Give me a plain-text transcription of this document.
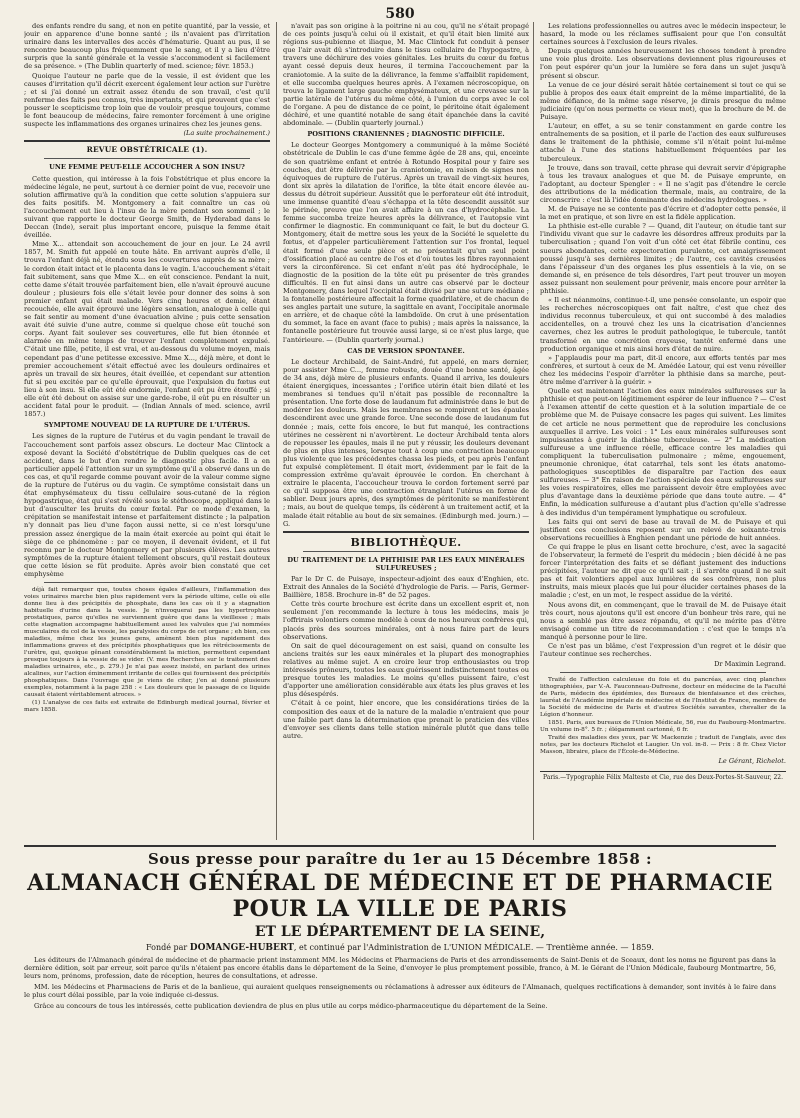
580

des enfants rendre du sang, et non en petite quantité, par la vessie, et jouir en apparence d'une bonne santé ; ils n'avaient pas d'irritation urinaire dans les intervalles des accès d'hématurie. Quant au pus, il se rencontre beaucoup plus fréquemment que le sang, et il y a lieu d'être surpris que la santé générale et la vessie s'accommodent si facilement de sa présence. » (The Dublin quarterly of med. science; févr. 1853.)

Quoique l'auteur ne parle que de la vessie, il est évident que les causes d'irritation qu'il décrit exercent également leur action sur l'urètre ; et si j'ai donné un extrait assez étendu de son travail, c'est qu'il renferme des faits peu connus, très importants, et qui prouvent que c'est pousser le scepticisme trop loin que de vouloir presque toujours, comme le font beaucoup de médecins, faire remonter forcément à une origine suspecte les inflammations des organes urinaires chez les jeunes gens.

(La suite prochainement.)
REVUE OBSTÉTRICALE (1).
UNE FEMME PEUT-ELLE ACCOUCHER A SON INSU?

Cette question, qui intéresse à la fois l'obstétrique et plus encore la médecine légale, ne peut, surtout à ce dernier point de vue, recevoir une solution affirmative qu'à la condition que cette solution s'appuiera sur des faits positifs. M. Montgomery a fait connaître un cas où l'accouchement eut lieu à l'insu de la mère pendant son sommeil ; le suivant que rapporte le docteur George Smith, de Hyderabad dans le Deccan (Inde), serait plus important encore, puisque la femme était éveillée.

Mme X... attendait son accouchement de jour en jour. Le 24 avril 1857, M. Smith fut appelé en toute hâte. En arrivant auprès d'elle, il trouva l'enfant déjà né, étendu sous les couvertures auprès de sa mère ; le cordon était intact et le placenta dans le vagin. L'accouchement s'était fait subitement, sans que Mme X... en eût conscience. Pendant la nuit, cette dame s'était trouvée parfaitement bien, elle n'avait éprouvé aucune douleur ; plusieurs fois elle s'était levée pour donner des soins à son premier enfant qui était malade. Vers cinq heures et demie, étant recouchée, elle avait éprouvé une légère sensation, analogue à celle qui se fait sentir au moment d'une évacuation alvine ; puis cette sensation avait été suivie d'une autre, comme si quelque chose eût touché son corps. Ayant fait soulever ses couvertures, elle fut bien étonnée et alarmée en même temps de trouver l'enfant complètement expulsé. C'était une fille, petite, il est vrai, et au-dessous du volume moyen, mais cependant pas d'une petitesse excessive. Mme X..., déjà mère, et dont le premier accouchement s'était effectué avec les douleurs ordinaires et après un travail de six heures, était éveillée, et cependant sur attention fut si peu excitée par ce qu'elle éprouvait, que l'expulsion du fœtus eut lieu à son insu. Si elle eût été endormie, l'enfant eût pu être étouffé ; si elle eût été debout on assise sur une garde-robe, il eût pu en résulter un accident fatal pour le produit. — (Indian Annals of med. science, avril 1857.)

SYMPTOME NOUVEAU DE LA RUPTURE DE L'UTÉRUS.

Les signes de la rupture de l'utérus et du vagin pendant le travail de l'accouchement sont parfois assez obscurs. Le docteur Mac Clintock a exposé devant la Société d'obstétrique de Dublin quelques cas de cet accident, dans le but d'en rendre le diagnostic plus facile. Il a en particulier appelé l'attention sur un symptôme qu'il a observé dans un de ces cas, et qu'il regarde comme pouvant avoir de la valeur comme signe de la rupture de l'utérus ou du vagin. Ce symptôme consistait dans un état emphysémateux du tissu cellulaire sous-cutané de la région hypogastrique, état qui s'est révélé sous le stéthoscope, appliqué dans le but d'ausculter les bruits du cœur fœtal. Par ce mode d'examen, la crépitation se manifestait intense et parfaitement distincte ; la palpation n'y donnait pas lieu d'une façon aussi nette, si ce n'est lorsqu'une pression assez énergique de la main était exercée au point qui était le siège de ce phénomène : par ce moyen, il devenait évident, et il fut reconnu par le docteur Montgomery et par plusieurs élèves. Les autres symptômes de la rupture étaient tellement obscurs, qu'il restait douteux que cette lésion se fût produite. Après avoir bien constaté que cet emphysème

déjà fait remarquer que, toutes choses égales d'ailleurs, l'inflammation des voies urinaires marche bien plus rapidement vers la période ultime, celle où elle donne lieu à des précipités de phosphate, dans les cas où il y a stagnation habituelle d'urine dans la vessie. Je n'invoquerai pas les hypertrophies prostatiques, parce qu'elles ne surviennent guère que dans la vieillesse ; mais cette stagnation accompagne habituellement aussi les valvules que j'ai nommées musculaires du col de la vessie, les paralysies du corps de cet organe ; eh bien, ces maladies, même chez les jeunes gens, amènent bien plus rapidement des inflammations graves et des précipités phosphatiques que les rétrécissements de l'urètre, qui, quoique gênant considérablement la miction, permettent cependant presque toujours à la vessie de se vider. (V. mes Recherches sur le traitement des maladies urinaires, etc., p. 279.) Je n'ai pas assez insisté, en parlant des urines alcalines, sur l'action éminemment irritante de celles qui fournissent des précipités phosphatiques. Dans l'ouvrage que je viens de citer, j'en ai donné plusieurs exemples, notamment à la page 258 : « Les douleurs que le passage de ce liquide causait étaient véritablement atroces. »

(1) L'analyse de ces faits est extraite de Edinburgh medical journal, février et mars 1858.

n'avait pas son origine à la poitrine ni au cou, qu'il ne s'était propagé de ces points jusqu'à celui où il existait, et qu'il était bien limité aux régions sus-pubienne et iliaque, M. Mac Clintock fut conduit à penser que l'air avait dû s'introduire dans le tissu cellulaire de l'hypogastre, à travers une déchirure des voies génitales. Les bruits du cœur du fœtus ayant cessé depuis deux heures, il termina l'accouchement par la craniotomie. A la suite de la délivrance, la femme s'affaiblit rapidement, et elle succomba quelques heures après. A l'examen nécroscopique, on trouva le ligament large gauche emphysémateux, et une crevasse sur la partie latérale de l'utérus du même côté, à l'union du corps avec le col de l'organe. A peu de distance de ce point, le péritoine était également déchiré, et une quantité notable de sang était épanchée dans la cavité abdominale. — (Dublin quarterly journal.)

POSITIONS CRANIENNES ; DIAGNOSTIC DIFFICILE.

Le docteur Georges Montgomery a communiqué à la même Société obstétricale de Dublin le cas d'une femme âgée de 28 ans, qui, enceinte de son quatrième enfant et entrée à Rotundo Hospital pour y faire ses couches, dut être délivrée par la craniotomie, en raison de signes non équivoques de rupture de l'utérus. Après un travail de vingt-six heures, dont six après la dilatation de l'orifice, la tête était encore élevée au-dessus du détroit supérieur. Aussitôt que le perforateur eût été introduit, une immense quantité d'eau s'échappa et la tête descendit aussitôt sur le périnée, preuve que l'on avait affaire à un cas d'hydrocéphalie. La femme succomba treize heures après la délivrance, et l'autopsie vint confirmer le diagnostic. En communiquant ce fait, le but du docteur G. Montgomery, était de mettre sous les yeux de la Société le squelette du fœtus, et d'appeler particulièrement l'attention sur l'os frontal, lequel était formé d'une seule pièce et ne présentait qu'un seul point d'ossification placé au centre de l'os et d'où toutes les fibres rayonnaient vers la circonférence. Si cet enfant n'eût pas été hydrocéphale, le diagnostic de la position de la tête eût pu présenter de très grandes difficultés. Il en fut ainsi dans un autre cas observé par le docteur Montgomery, dans lequel l'occipital était divisé par une suture médiane ; la fontanelle postérieure affectait la forme quadrilatère, et de chacun de ses angles partait une suture, la sagittale en avant, l'occipitale anormale en arrière, et de chaque côté la lambdoïde. On crut à une présentation du sommet, la face en avant (face to pubis) ; mais après la naissance, la fontanelle postérieure fut trouvée aussi large, si ce n'est plus large, que l'antérieure. — (Dublin quarterly journal.)

CAS DE VERSION SPONTANÉE.

Le docteur Archibald, de Saint-André, fut appelé, en mars dernier, pour assister Mme C..., femme robuste, douée d'une bonne santé, âgée de 34 ans, déjà mère de plusieurs enfants. Quand il arriva, les douleurs étaient énergiques, incessantes ; l'orifice utérin était bien dilaté et les membranes si tendues qu'il n'était pas possible de reconnaître la présentation. Une forte dose de laudanum fut administrée dans le but de modérer les douleurs. Mais les membranes se rompirent et les épaules descendirent avec une grande force. Une seconde dose de laudanum fut donnée ; mais, cette fois encore, le but fut manqué, les contractions utérines ne cessèrent ni n'avortèrent. Le docteur Archibald tenta alors de repousser les épaules, mais il ne put y réussir, les douleurs devenant de plus en plus intenses, lorsque tout à coup une contraction beaucoup plus violente que les précédentes chassa les pieds, et peu après l'enfant fut expulsé complètement. Il était mort, évidemment par le fait de la compression extrême qu'avait éprouvée le cordon. En cherchant à extraire le placenta, l'accoucheur trouva le cordon fortement serré par ce qu'il supposa être une contraction étranglant l'utérus en forme de sablier. Deux jours après, des symptômes de péritonite se manifestèrent ; mais, au bout de quelque temps, ils cédèrent à un traitement actif, et la malade était rétablie au bout de six semaines. (Edinburgh med. journ.) — G.

BIBLIOTHÈQUE.
DU TRAITEMENT DE LA PHTHISIE PAR LES EAUX MINÉRALES SULFUREUSES ;

Par le Dr C. de Puisaye, inspecteur-adjoint des eaux d'Enghien, etc. Extrait des Annales de la Société d'hydrologie de Paris. — Paris, Germer-Baillière, 1858. Brochure in-8° de 52 pages.

Cette très courte brochure est écrite dans un excellent esprit et, non seulement j'en recommande la lecture à tous les médecins, mais je l'offrirais volontiers comme modèle à ceux de nos heureux confrères qui, placés près des sources minérales, ont à nous faire part de leurs observations.

On sait de quel découragement on est saisi, quand on consulte les anciens traités sur les eaux minérales et la plupart des monographies relatives au même sujet. A en croire leur trop enthousiastes ou trop intéressés prôneurs, toutes les eaux guérissent indistinctement toutes ou presque toutes les maladies. Le moins qu'elles puissent faire, c'est d'apporter une amélioration considérable aux états les plus graves et les plus désespérés.

C'était à ce point, hier encore, que les considérations tirées de la composition des eaux et de la nature de la maladie n'entraient que pour une faible part dans la détermination que prenait le praticien des villes d'envoyer ses clients dans telle station minérale plutôt que dans telle autre.

Les relations professionnelles ou autres avec le médecin inspecteur, le hasard, la mode ou les réclames suffisaient pour que l'on consultât certaines sources à l'exclusion de leurs rivales.

Depuis quelques années heureusement les choses tendent à prendre une voie plus droite. Les observations deviennent plus rigoureuses et l'on peut espérer qu'un jour la lumière se fera dans un sujet jusqu'à présent si obscur.

La venue de ce jour désiré serait hâtée certainement si tout ce qui se publie à propos des eaux était empreint de la même impartialité, de la même défiance, de la même sage réserve, je dirais presque du même judiciaire (qu'on nous permette ce vieux mot), que la brochure de M. de Puisaye.

L'auteur, en effet, a su se tenir constamment en garde contre les entraînements de sa position, et il parle de l'action des eaux sulfureuses dans le traitement de la phthisie, comme s'il n'était point lui-même attaché à l'une des stations habituellement fréquentées par les tuberculeux.

Je trouve, dans son travail, cette phrase qui devrait servir d'épigraphe à tous les travaux analogues et que M. de Puisaye emprunte, en l'adoptant, au docteur Spengler : « Il ne s'agit pas d'étendre le cercle des attributions de la médication thermale, mais, au contraire, de la circonscrire : c'est là l'idée dominante des médecins hydrologues. »

M. de Puisaye ne se contente pas d'écrire et d'adopter cette pensée, il la met en pratique, et son livre en est la fidèle application.

La phthisie est-elle curable ? — Quand, dit l'auteur, on étudie tant sur l'individu vivant que sur le cadavre les désordres affreux produits par la tuberculisation ; quand l'on voit d'un côté cet état fébrile continu, ces sueurs abondantes, cette expectoration purulente, cet amaigrissement poussé jusqu'à ses dernières limites ; de l'autre, ces cavités creusées dans l'épaisseur d'un des organes les plus essentiels à la vie, on se demande si, en présence de tels désordres, l'art peut trouver un moyen assez puissant non seulement pour prévenir, mais encore pour arrêter la phthisie.

« Il est néanmoins, continue-t-il, une pensée consolante, un espoir que les recherches nécroscopiques ont fait naître, c'est que chez des individus reconnus tuberculeux, et qui ont succombé à des maladies accidentelles, on a trouvé chez les uns la cicatrisation d'anciennes cavernes, chez les autres le produit pathologique, le tubercule, tantôt transformé en une concrétion crayeuse, tantôt enfermé dans une production organique et mis ainsi hors d'état de nuire.

» J'applaudis pour ma part, dit-il encore, aux efforts tentés par mes confrères, et surtout à ceux de M. Amédée Latour, qui est venu réveiller chez les médecins l'espoir d'arrêter la phthisie dans sa marche, peut-être même d'arriver à la guérir. »

Quelle est maintenant l'action des eaux minérales sulfureuses sur la phthisie et que peut-on légitimement espérer de leur influence ? — C'est à l'examen attentif de cette question et à la solution impartiale de ce problème que M. de Puisaye consacre les pages qui suivent. Les limites de cet article ne nous permettent que de reproduire les conclusions auxquelles il arrive. Les voici : 1° Les eaux minérales sulfureuses sont impuissantes à guérir la diathèse tuberculeuse. — 2° La médication sulfureuse a une influence réelle, efficace contre les maladies qui compliquent la tuberculisation pulmonaire ; même, engouement, pneumonie chronique, état catarrhal, tels sont les états anatomo-pathologiques susceptibles de disparaître par l'action des eaux sulfureuses. — 3° En raison de l'action spéciale des eaux sulfureuses sur les voies respiratoires, elles me paraissent devoir être employées avec plus d'avantage dans la deuxième période que dans toute autre. — 4° Enfin, la médication sulfureuse a d'autant plus d'action qu'elle s'adresse à des individus d'un tempérament lymphatique ou scrofuleux.

Les faits qui ont servi de base au travail de M. de Puisaye et qui justifient ces conclusions reposent sur un relevé de soixante-trois observations recueillies à Enghien pendant une période de huit années.

Ce qui frappe le plus en lisant cette brochure, c'est, avec la sagacité de l'observateur, la fermeté de l'esprit du médecin ; bien décidé à ne pas forcer l'interprétation des faits et se défiant justement des inductions précipitées, l'auteur ne dit que ce qu'il sait ; il s'arrête quand il ne sait pas et fait volontiers appel aux lumières de ses confrères, non plus instruits, mais mieux placés que lui pour élucider certaines phases de la maladie ; c'est, en un mot, le respect assidue de la vérité.

Nous avons dit, en commençant, que le travail de M. de Puisaye était très court, nous ajoutons qu'il est encore d'un bonheur très rare, qui ne nous a semblé pas être assez répandu, et qu'il ne mérite pas d'être envisagé comme un titre de recommandation : c'est que le temps n'a manqué à personne pour le lire.

Ce n'est pas un blâme, c'est l'expression d'un regret et le désir que l'auteur continue ses recherches.

Dr Maximin Legrand.

Traité de l'affection calculeuse du foie et du pancréas, avec cinq planches lithographiées, par V.-A. Fauconneau-Dufresne, docteur en médecine de la Faculté de Paris, médecin des épidémies, des Bureaux de bienfaisance et des crèches, lauréat de l'Académie impériale de médecine et de l'Institut de France, membre de la Société de médecine de Paris et d'autres Sociétés savantes, chevalier de la Légion d'honneur.

1851. Paris, aux bureaux de l'Union Médicale, 56, rue du Faubourg-Montmartre. Un volume in-8°. 5 fr. ; élégamment cartonné, 6 fr.

Traité des maladies des yeux, par W. Mackenzie ; traduit de l'anglais, avec des notes, par les docteurs Richelot et Laugier. Un vol. in-8. — Prix : 8 fr. Chez Victor Masson, libraire, place de l'École-de-Médecine.

Le Gérant, Richelot.
Paris.—Typographie Félix Malteste et Cie, rue des Deux-Portes-St-Sauveur, 22.
Sous presse pour paraître du 1er au 15 Décembre 1858 :
ALMANACH GÉNÉRAL DE MÉDECINE ET DE PHARMACIE POUR LA VILLE DE PARIS
ET LE DÉPARTEMENT DE LA SEINE,
Fondé par DOMANGE-HUBERT, et continué par l'Administration de L'UNION MÉDICALE. — Trentième année. — 1859.

Les éditeurs de l'Almanach général de médecine et de pharmacie prient instamment MM. les Médecins et Pharmaciens de Paris et des arrondissements de Saint-Denis et de Sceaux, dont les noms ne figurent pas dans la dernière édition, soit par erreur, soit parce qu'ils n'étaient pas encore établis dans le département de la Seine, d'envoyer le plus promptement possible, franco, à M. le Gérant de l'Union Médicale, faubourg Montmartre, 56, leurs nom, prénoms, profession, date de réception, heures de consultations, et adresse.

MM. les Médecins et Pharmaciens de Paris et de la banlieue, qui auraient quelques renseignements ou réclamations à adresser aux éditeurs de l'Almanach, quelques rectifications à demander, sont invités à le faire dans le plus court délai possible, par la voie indiquée ci-dessus.

Grâce au concours de tous les intéressés, cette publication deviendra de plus en plus utile au corps médico-pharmaceutique du département de la Seine.
